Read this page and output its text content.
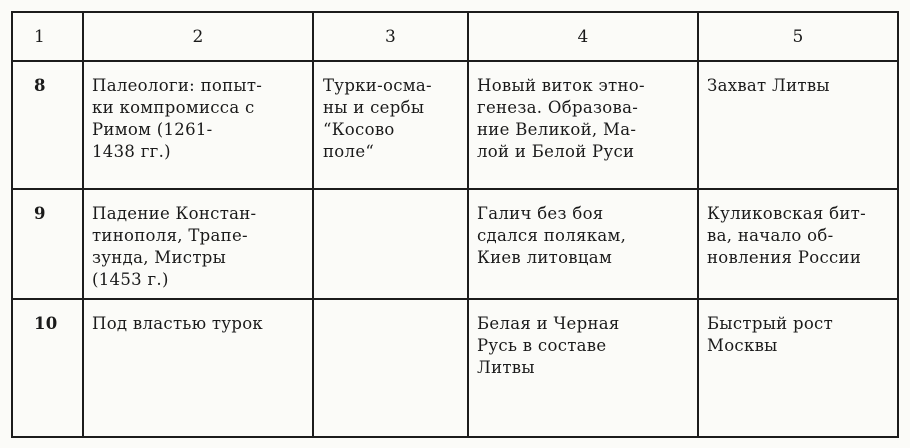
1	2	3	4	5

8	Палеологи: попыт-
ки компромисса с
Римом (1261-
1438 гг.)	Турки-осма-
ны и сербы
“Косово
поле“	Новый виток этно-
генеза. Образова-
ние Великой, Ма-
лой и Белой Руси	Захват Литвы

9	Падение Констан-
тинополя, Трапе-
зунда, Мистры
(1453 г.)		Галич без боя
сдался полякам,
Киев литовцам	Куликовская бит-
ва, начало об-
новления России

10	Под властью турок		Белая и Черная
Русь в составе
Литвы	Быстрый рост
Москвы
